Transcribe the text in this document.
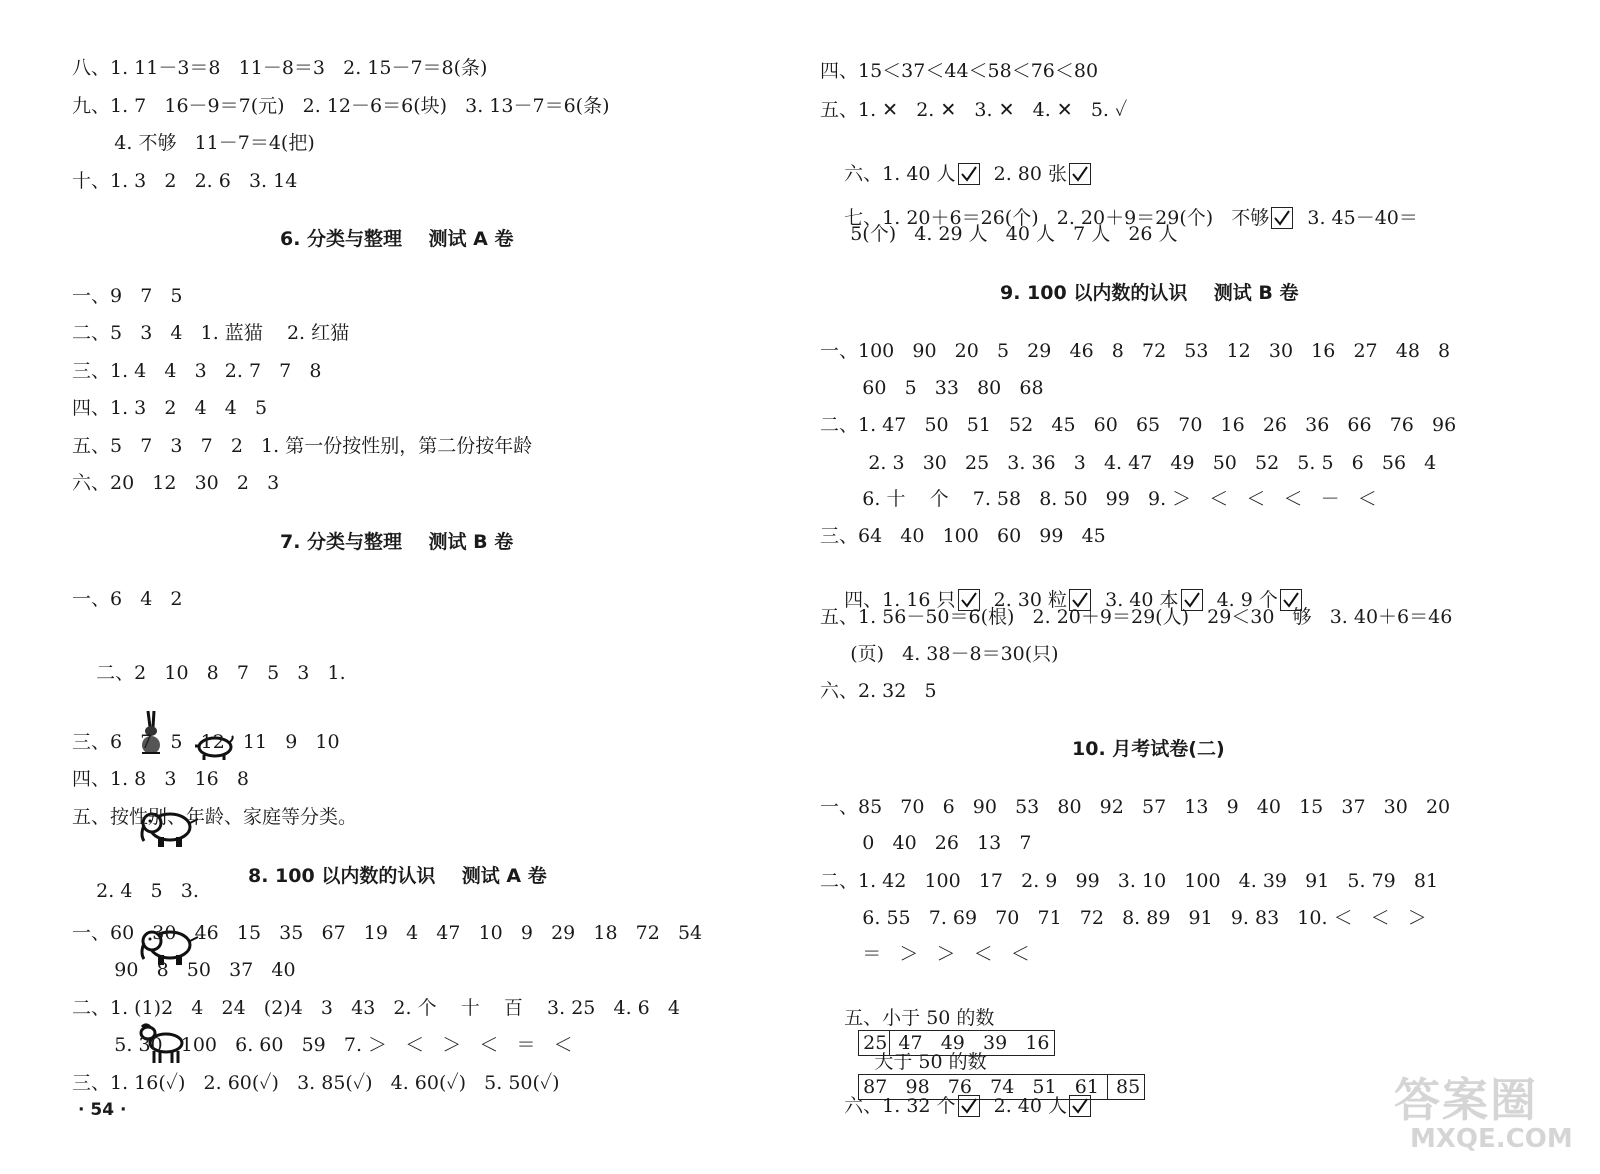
八、1. 11－3＝8   11－8＝3   2. 15－7＝8(条)
九、1. 7   16－9＝7(元)   2. 12－6＝6(块)   3. 13－7＝6(条)
4. 不够   11－7＝4(把)
十、1. 3   2   2. 6   3. 14
6. 分类与整理    测试 A 卷
一、9   7   5
二、5   3   4   1. 蓝猫    2. 红猫
三、1. 4   4   3   2. 7   7   8
四、1. 3   2   4   4   5
五、5   7   3   7   2   1. 第一份按性别，第二份按年龄
六、20   12   30   2   3
7. 分类与整理    测试 B 卷
一、6   4   2

二、2   10   8   7   5   3   1.

2. 4   5   3.

三、6   7   5   12   11   9   10
四、1. 8   3   16   8
五、按性别、年龄、家庭等分类。
8. 100 以内数的认识    测试 A 卷
一、60   30   46   15   35   67   19   4   47   10   9   29   18   72   54
90   8   50   37   40
二、1. (1)2   4   24   (2)4   3   43   2. 个    十    百    3. 25   4. 6   4
5. 30   100   6. 60   59   7. ＞   ＜   ＞   ＜   ＝   ＜
三、1. 16(✓)   2. 60(✓)   3. 85(✓)   4. 60(✓)   5. 50(✓)
· 54 ·
四、15＜37＜44＜58＜76＜80
五、1. ✕   2. ✕   3. ✕   4. ✕   5. ✓

六、1. 40 人
2. 80 张

七、1. 20＋6＝26(个)   2. 20＋9＝29(个)   不够
3. 45－40＝

5(个)   4. 29 人   40 人   7 人   26 人
9. 100 以内数的认识    测试 B 卷
一、100   90   20   5   29   46   8   72   53   12   30   16   27   48   8
60   5   33   80   68
二、1. 47   50   51   52   45   60   65   70   16   26   36   66   76   96
2. 3   30   25   3. 36   3   4. 47   49   50   52   5. 5   6   56   4
6. 十    个    7. 58   8. 50   99   9. ＞   ＜   ＜   ＜   －   ＜
三、64   40   100   60   99   45

四、1. 16 只
2. 30 粒
3. 40 本
4. 9 个

五、1. 56－50＝6(根)   2. 20＋9＝29(人)   29＜30   够   3. 40＋6＝46
(页)   4. 38－8＝30(只)
六、2. 32   5
10. 月考试卷(二)
一、85   70   6   90   53   80   92   57   13   9   40   15   37   30   20
0   40   26   13   7
二、1. 42   100   17   2. 9   99   3. 10   100   4. 39   91   5. 79   81
6. 55   7. 69   70   71   72   8. 89   91   9. 83   10. ＜   ＜   ＞
＝   ＞   ＞   ＜   ＜

五、小于 50 的数
25 47 49 39 16

大于 50 的数
87 98 76 74 51 61 85

六、1. 32 个
2. 40 人

	答案圈
MXQE.COM
